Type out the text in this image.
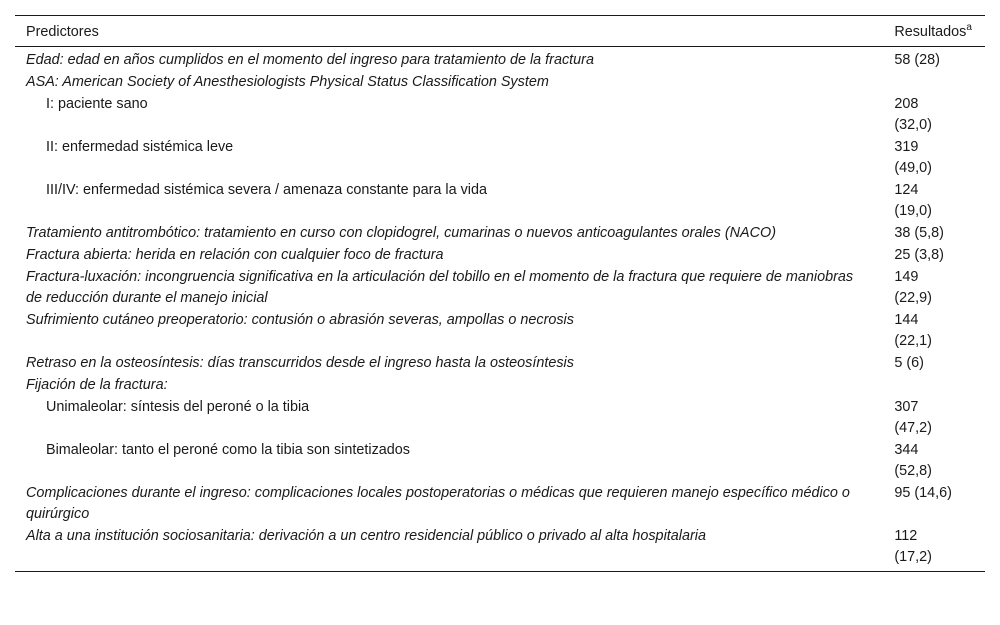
Predictores	Resultados$^a$
Edad: edad en años cumplidos en el momento del ingreso para tratamiento de la fractura	58 (28)

ASA: American Society of Anesthesiologists Physical Status Classification System	

I: paciente sano	208 (32,0)

II: enfermedad sistémica leve	319 (49,0)

III/IV: enfermedad sistémica severa / amenaza constante para la vida	124 (19,0)

Tratamiento antitrombótico: tratamiento en curso con clopidogrel, cumarinas o nuevos anticoagulantes orales (NACO)	38 (5,8)

Fractura abierta: herida en relación con cualquier foco de fractura	25 (3,8)

Fractura-luxación: incongruencia significativa en la articulación del tobillo en el momento de la fractura que requiere de maniobras de reducción durante el manejo inicial	149 (22,9)

Sufrimiento cutáneo preoperatorio: contusión o abrasión severas, ampollas o necrosis	144 (22,1)

Retraso en la osteosíntesis: días transcurridos desde el ingreso hasta la osteosíntesis	5 (6)

Fijación de la fractura:	

Unimaleolar: síntesis del peroné o la tibia	307 (47,2)

Bimaleolar: tanto el peroné como la tibia son sintetizados	344 (52,8)

Complicaciones durante el ingreso: complicaciones locales postoperatorias o médicas que requieren manejo específico médico o quirúrgico	95 (14,6)

Alta a una institución sociosanitaria: derivación a un centro residencial público o privado al alta hospitalaria	112 (17,2)
